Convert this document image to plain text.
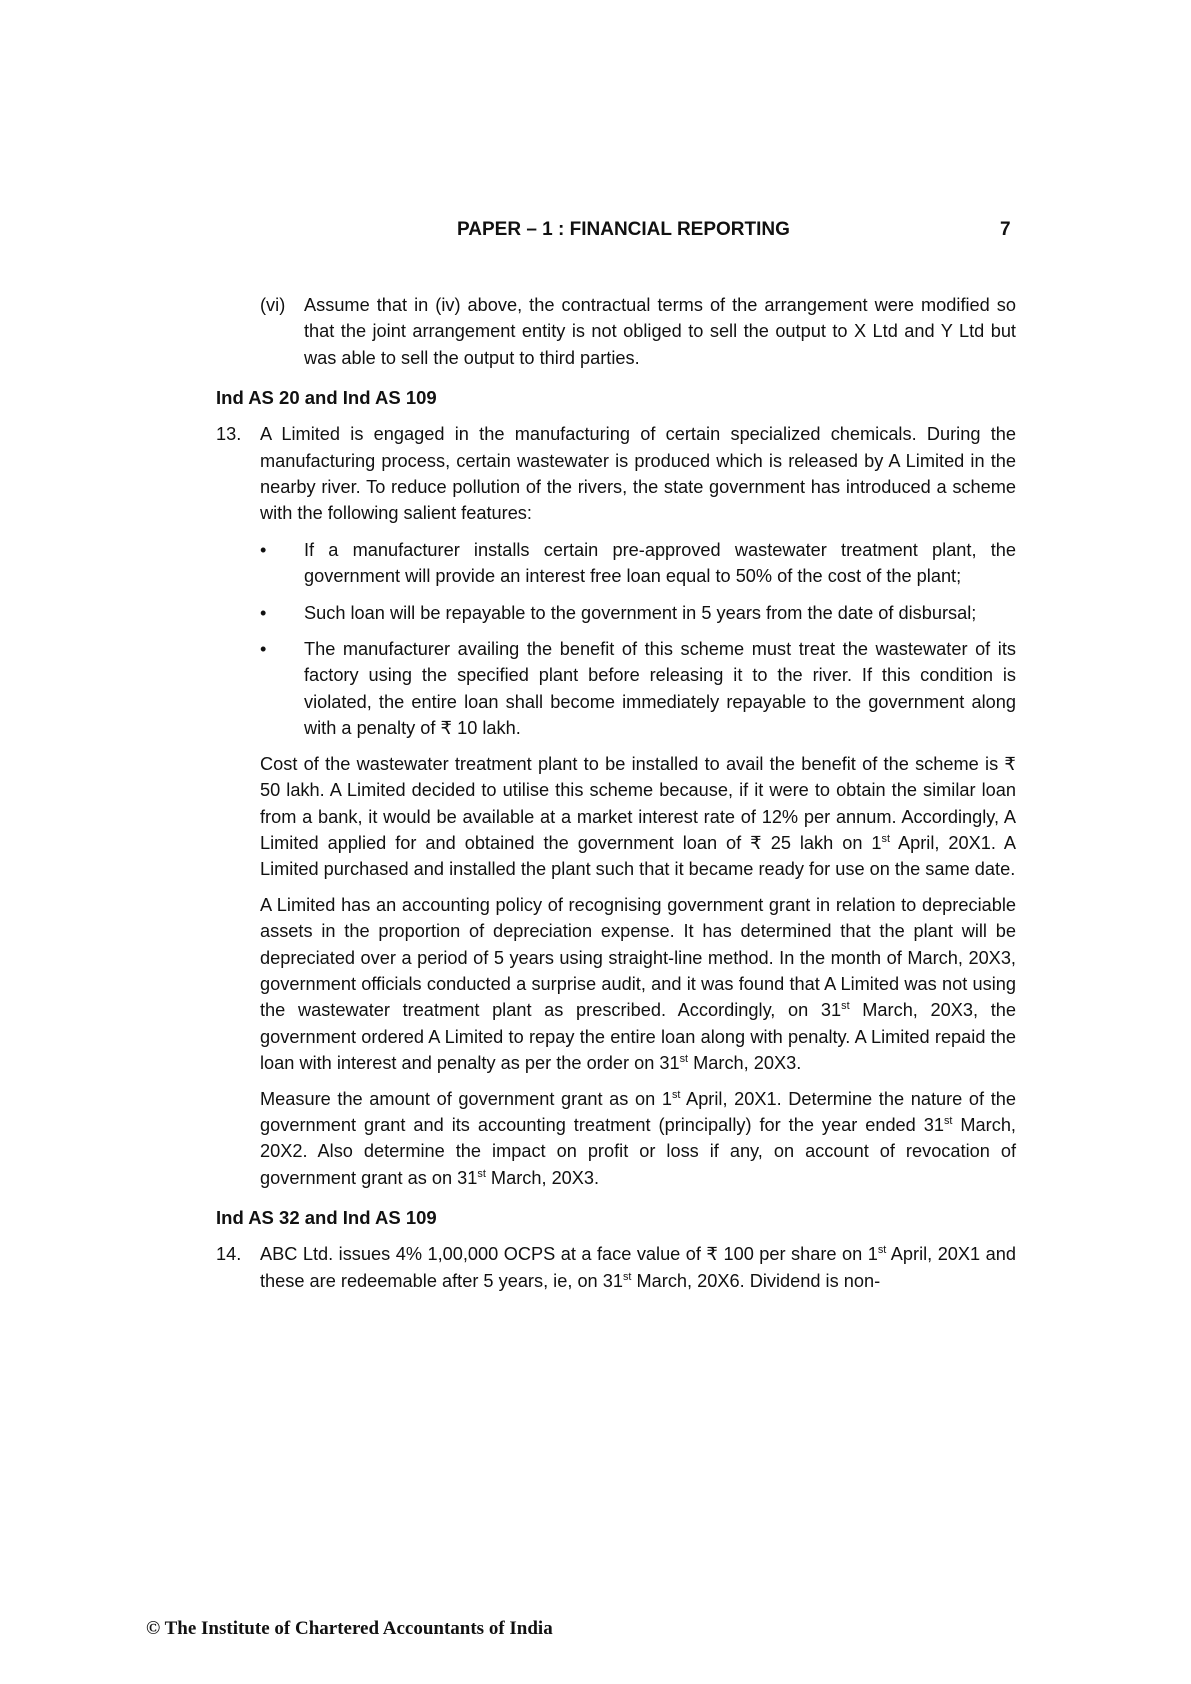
PAPER – 1 : FINANCIAL REPORTING	7
(vi)	Assume that in (iv) above, the contractual terms of the arrangement were modified so that the joint arrangement entity is not obliged to sell the output to X Ltd and Y Ltd but was able to sell the output to third parties.

Ind AS 20 and Ind AS 109
13.	A Limited is engaged in the manufacturing of certain specialized chemicals. During the manufacturing process, certain wastewater is produced which is released by A Limited in the nearby river. To reduce pollution of the rivers, the state government has introduced a scheme with the following salient features:

•	If a manufacturer installs certain pre-approved wastewater treatment plant, the government will provide an interest free loan equal to 50% of the cost of the plant;

•	Such loan will be repayable to the government in 5 years from the date of disbursal;

•	The manufacturer availing the benefit of this scheme must treat the wastewater of its factory using the specified plant before releasing it to the river. If this condition is violated, the entire loan shall become immediately repayable to the government along with a penalty of ₹ 10 lakh.

Cost of the wastewater treatment plant to be installed to avail the benefit of the scheme is ₹ 50 lakh. A Limited decided to utilise this scheme because, if it were to obtain the similar loan from a bank, it would be available at a market interest rate of 12% per annum. Accordingly, A Limited applied for and obtained the government loan of ₹ 25 lakh on 1st April, 20X1. A Limited purchased and installed the plant such that it became ready for use on the same date.

A Limited has an accounting policy of recognising government grant in relation to depreciable assets in the proportion of depreciation expense. It has determined that the plant will be depreciated over a period of 5 years using straight-line method. In the month of March, 20X3, government officials conducted a surprise audit, and it was found that A Limited was not using the wastewater treatment plant as prescribed. Accordingly, on 31st March, 20X3, the government ordered A Limited to repay the entire loan along with penalty. A Limited repaid the loan with interest and penalty as per the order on 31st March, 20X3.

Measure the amount of government grant as on 1st April, 20X1. Determine the nature of the government grant and its accounting treatment (principally) for the year ended 31st March, 20X2. Also determine the impact on profit or loss if any, on account of revocation of government grant as on 31st March, 20X3.

Ind AS 32 and Ind AS 109
14.	ABC Ltd. issues 4% 1,00,000 OCPS at a face value of ₹ 100 per share on 1st April, 20X1 and these are redeemable after 5 years, ie, on 31st March, 20X6. Dividend is non-

© The Institute of Chartered Accountants of India
